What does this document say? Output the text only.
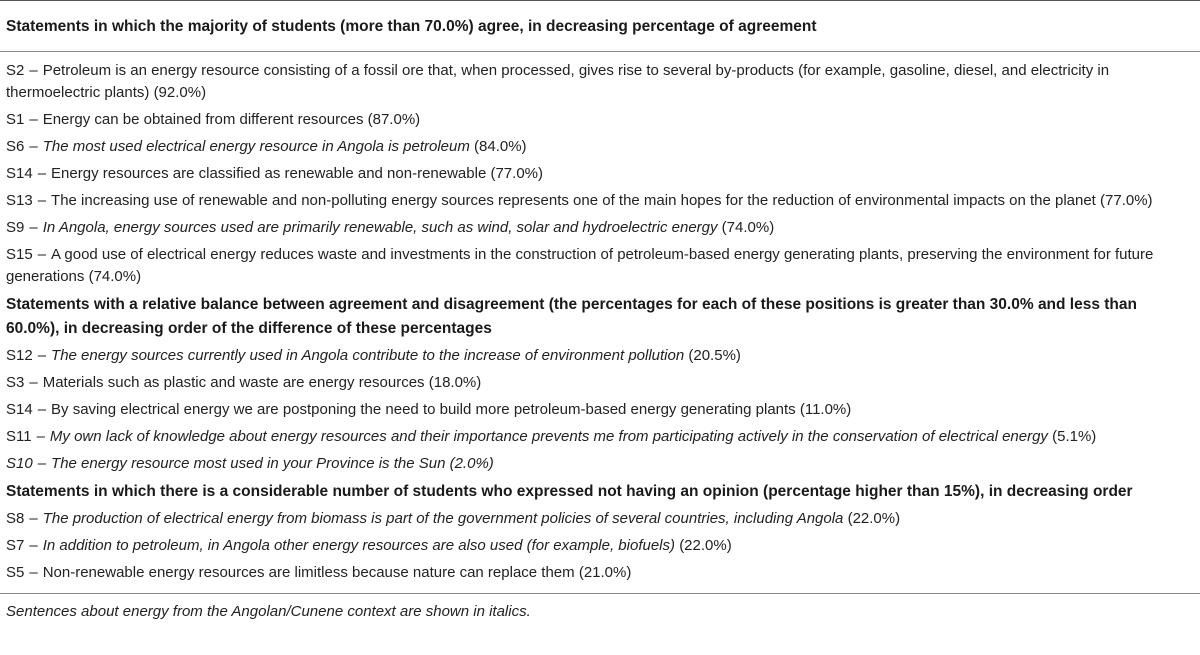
Statements in which the majority of students (more than 70.0%) agree, in decreasing percentage of agreement
S2 – Petroleum is an energy resource consisting of a fossil ore that, when processed, gives rise to several by-products (for example, gasoline, diesel, and electricity in thermoelectric plants) (92.0%)
S1 – Energy can be obtained from different resources (87.0%)
S6 – The most used electrical energy resource in Angola is petroleum (84.0%)
S14 – Energy resources are classified as renewable and non-renewable (77.0%)
S13 – The increasing use of renewable and non-polluting energy sources represents one of the main hopes for the reduction of environmental impacts on the planet (77.0%)
S9 – In Angola, energy sources used are primarily renewable, such as wind, solar and hydroelectric energy (74.0%)
S15 – A good use of electrical energy reduces waste and investments in the construction of petroleum-based energy generating plants, preserving the environment for future generations (74.0%)
Statements with a relative balance between agreement and disagreement (the percentages for each of these positions is greater than 30.0% and less than 60.0%), in decreasing order of the difference of these percentages
S12 – The energy sources currently used in Angola contribute to the increase of environment pollution (20.5%)
S3 – Materials such as plastic and waste are energy resources (18.0%)
S14 – By saving electrical energy we are postponing the need to build more petroleum-based energy generating plants (11.0%)
S11 – My own lack of knowledge about energy resources and their importance prevents me from participating actively in the conservation of electrical energy (5.1%)
S10 – The energy resource most used in your Province is the Sun (2.0%)
Statements in which there is a considerable number of students who expressed not having an opinion (percentage higher than 15%), in decreasing order
S8 – The production of electrical energy from biomass is part of the government policies of several countries, including Angola (22.0%)
S7 – In addition to petroleum, in Angola other energy resources are also used (for example, biofuels) (22.0%)
S5 – Non-renewable energy resources are limitless because nature can replace them (21.0%)
Sentences about energy from the Angolan/Cunene context are shown in italics.
